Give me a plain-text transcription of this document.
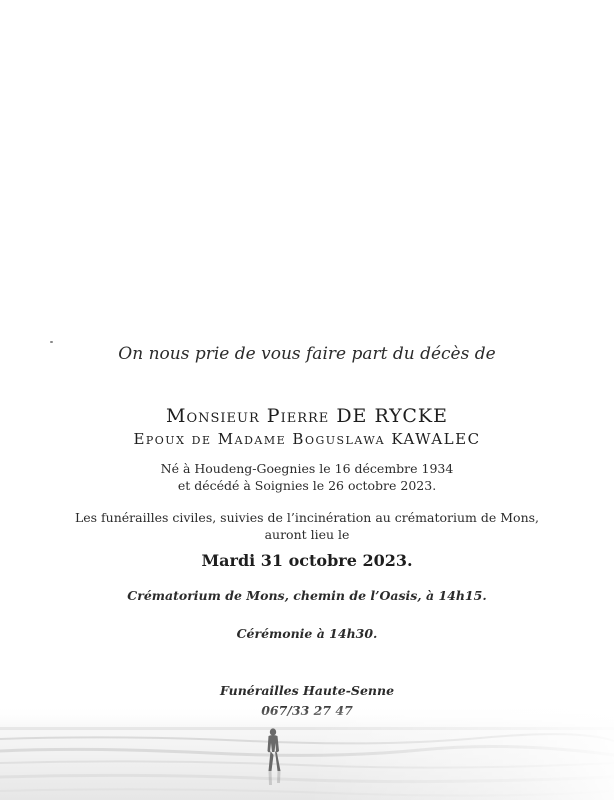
On nous prie de vous faire part du décès de
Monsieur Pierre DE RYCKE
Epoux de Madame Boguslawa KAWALEC
Né à Houdeng-Goegnies le 16 décembre 1934
et décédé à Soignies le 26 octobre 2023.
Les funérailles civiles, suivies de l’incinération au crématorium de Mons,
auront lieu le
Mardi 31 octobre 2023.
Crématorium de Mons, chemin de l’Oasis, à 14h15.
Cérémonie à 14h30.
Funérailles Haute-Senne
